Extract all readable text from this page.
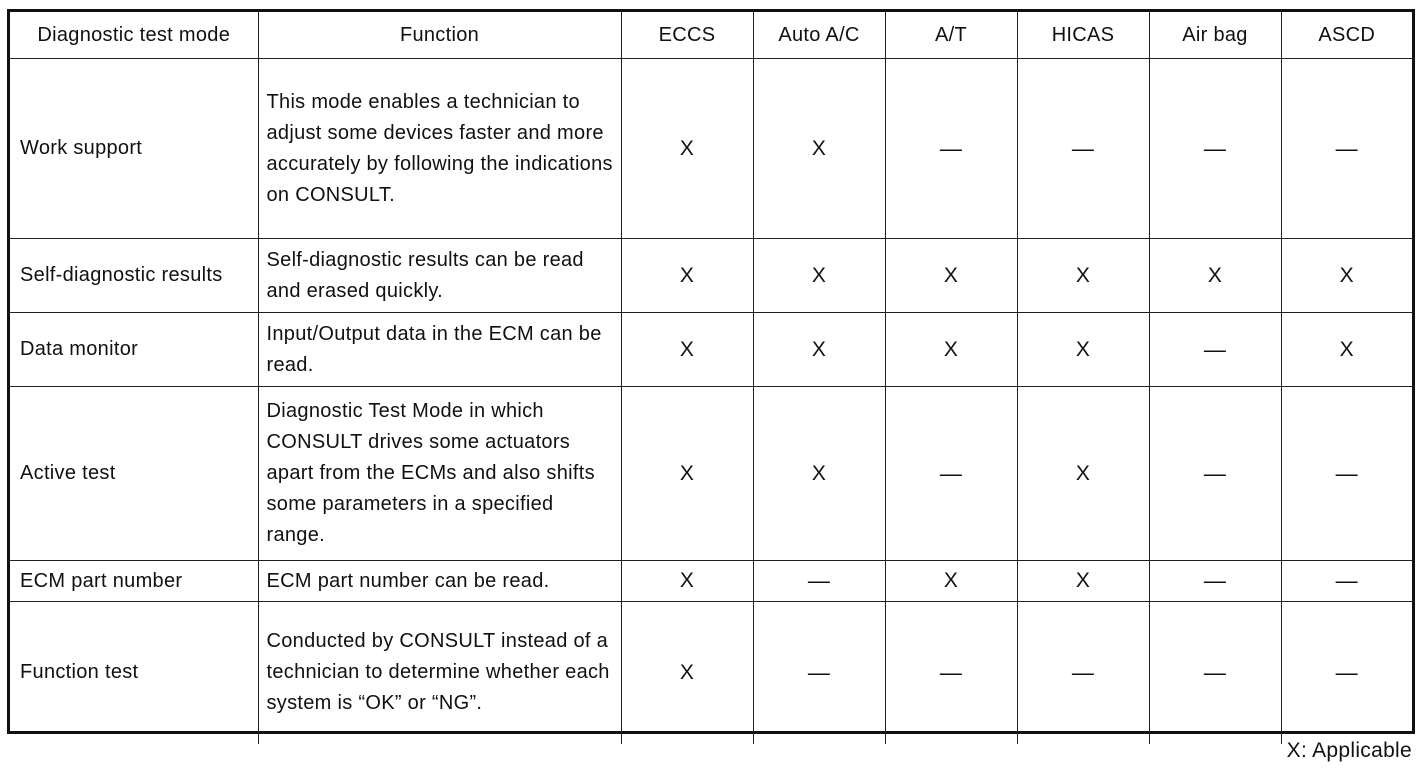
Diagnostic test mode	Function	ECCS	Auto A/C	A/T	HICAS	Air bag	ASCD
Work support	This mode enables a technician to adjust some devices faster and more accurately by following the indications on CONSULT.	X	X	—	—	—	—
Self-diagnostic results	Self-diagnostic results can be read and erased quickly.	X	X	X	X	X	X
Data monitor	Input/Output data in the ECM can be read.	X	X	X	X	—	X
Active test	Diagnostic Test Mode in which CONSULT drives some actuators apart from the ECMs and also shifts some parameters in a specified range.	X	X	—	X	—	—
ECM part number	ECM part number can be read.	X	—	X	X	—	—
Function test	Conducted by CONSULT instead of a technician to determine whether each system is “OK” or “NG”.	X	—	—	—	—	—
X: Applicable
